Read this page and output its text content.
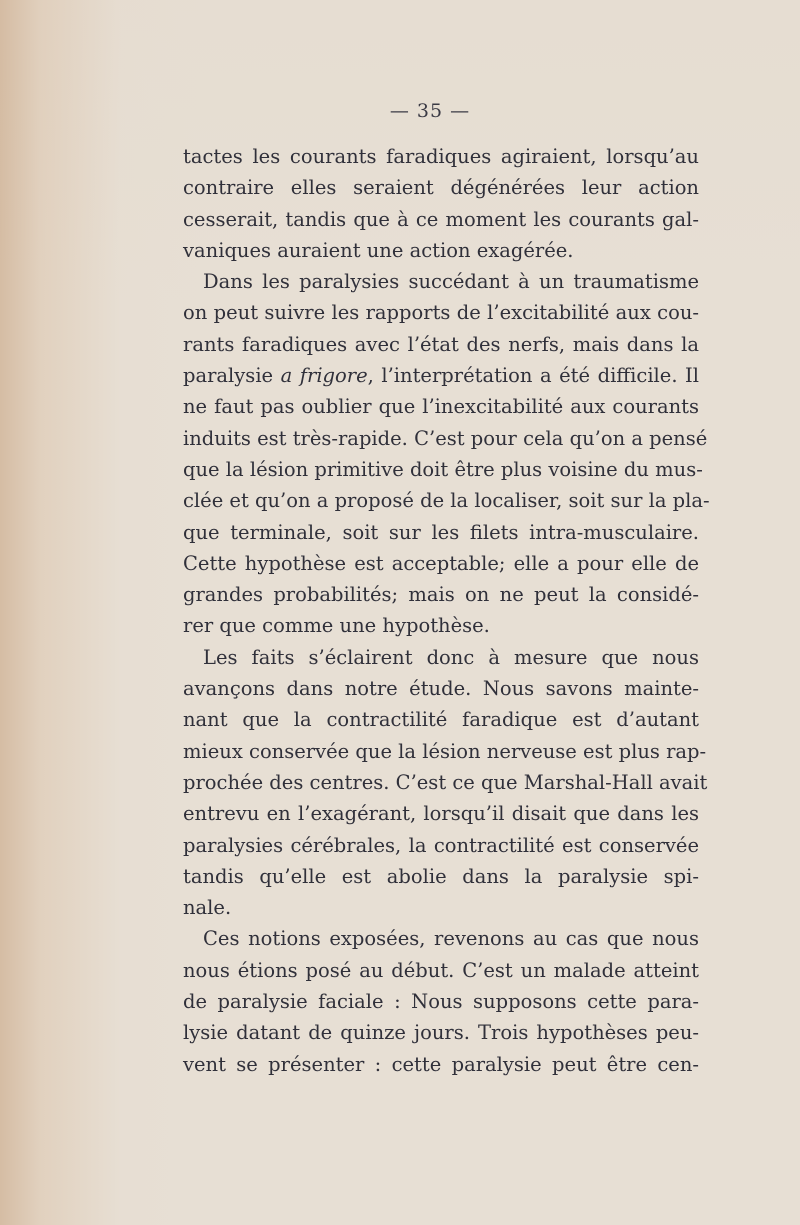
— 35 —
tactes les courants faradiques agiraient, lorsqu’au
contraire elles seraient dégénérées leur action
cesserait, tandis que à ce moment les courants gal-
vaniques auraient une action exagérée.
Dans les paralysies succédant à un traumatisme
on peut suivre les rapports de l’excitabilité aux cou-
rants faradiques avec l’état des nerfs, mais dans la
paralysie a frigore, l’interprétation a été difficile. Il
ne faut pas oublier que l’inexcitabilité aux courants
induits est très-rapide. C’est pour cela qu’on a pensé
que la lésion primitive doit être plus voisine du mus-
clée et qu’on a proposé de la localiser, soit sur la pla-
que terminale, soit sur les filets intra-musculaire.
Cette hypothèse est acceptable; elle a pour elle de
grandes probabilités; mais on ne peut la considé-
rer que comme une hypothèse.
Les faits s’éclairent donc à mesure que nous
avançons dans notre étude. Nous savons mainte-
nant que la contractilité faradique est d’autant
mieux conservée que la lésion nerveuse est plus rap-
prochée des centres. C’est ce que Marshal-Hall avait
entrevu en l’exagérant, lorsqu’il disait que dans les
paralysies cérébrales, la contractilité est conservée
tandis qu’elle est abolie dans la paralysie spi-
nale.
Ces notions exposées, revenons au cas que nous
nous étions posé au début. C’est un malade atteint
de paralysie faciale : Nous supposons cette para-
lysie datant de quinze jours. Trois hypothèses peu-
vent se présenter : cette paralysie peut être cen-
